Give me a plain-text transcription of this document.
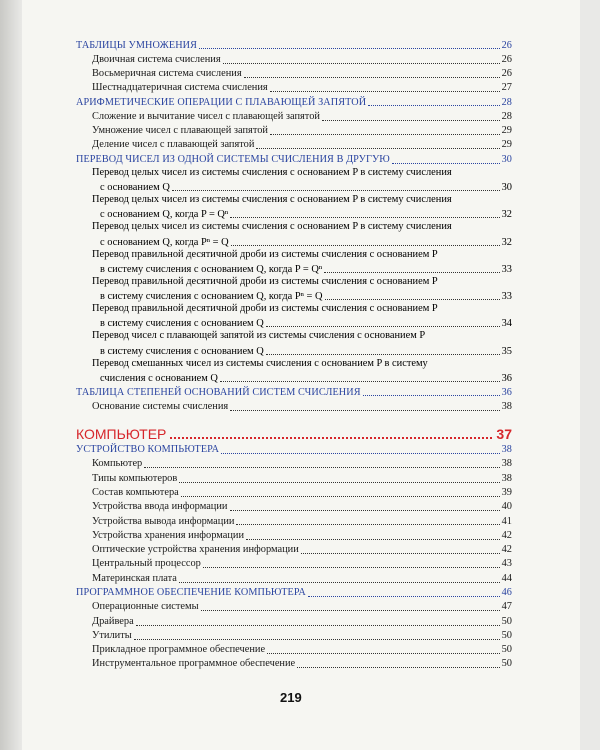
ТАБЛИЦЫ УМНОЖЕНИЯ	26
Двоичная система счисления	26
Восьмеричная система счисления	26
Шестнадцатеричная система счисления	27
АРИФМЕТИЧЕСКИЕ ОПЕРАЦИИ С ПЛАВАЮЩЕЙ ЗАПЯТОЙ	28
Сложение и вычитание чисел с плавающей запятой	28
Умножение чисел с плавающей запятой	29
Деление чисел с плавающей запятой	29
ПЕРЕВОД ЧИСЕЛ ИЗ ОДНОЙ СИСТЕМЫ СЧИСЛЕНИЯ В ДРУГУЮ	30
Перевод целых чисел из системы счисления с основанием P в систему счисления
с основанием Q	30
Перевод целых чисел из системы счисления с основанием P в систему счисления
с основанием Q, когда P = Qⁿ	32
Перевод целых чисел из системы счисления с основанием P в систему счисления
с основанием Q, когда Pⁿ = Q	32
Перевод правильной десятичной дроби из системы счисления с основанием P
в систему счисления с основанием Q, когда P = Qⁿ	33
Перевод правильной десятичной дроби из системы счисления с основанием P
в систему счисления с основанием Q, когда Pⁿ = Q	33
Перевод правильной десятичной дроби из системы счисления с основанием P
в систему счисления с основанием Q	34
Перевод чисел с плавающей запятой из системы счисления с основанием P
в систему счисления с основанием Q	35
Перевод смешанных чисел из системы счисления с основанием P в систему
счисления с основанием Q	36
ТАБЛИЦА СТЕПЕНЕЙ ОСНОВАНИЙ СИСТЕМ СЧИСЛЕНИЯ	36
Основание системы счисления	38
КОМПЬЮТЕР	37
УСТРОЙСТВО КОМПЬЮТЕРА	38
Компьютер	38
Типы компьютеров	38
Состав компьютера	39
Устройства ввода информации	40
Устройства вывода информации	41
Устройства хранения информации	42
Оптические устройства хранения информации	42
Центральный процессор	43
Материнская плата	44
ПРОГРАММНОЕ ОБЕСПЕЧЕНИЕ КОМПЬЮТЕРА	46
Операционные системы	47
Драйвера	50
Утилиты	50
Прикладное программное обеспечение	50
Инструментальное программное обеспечение	50
219
